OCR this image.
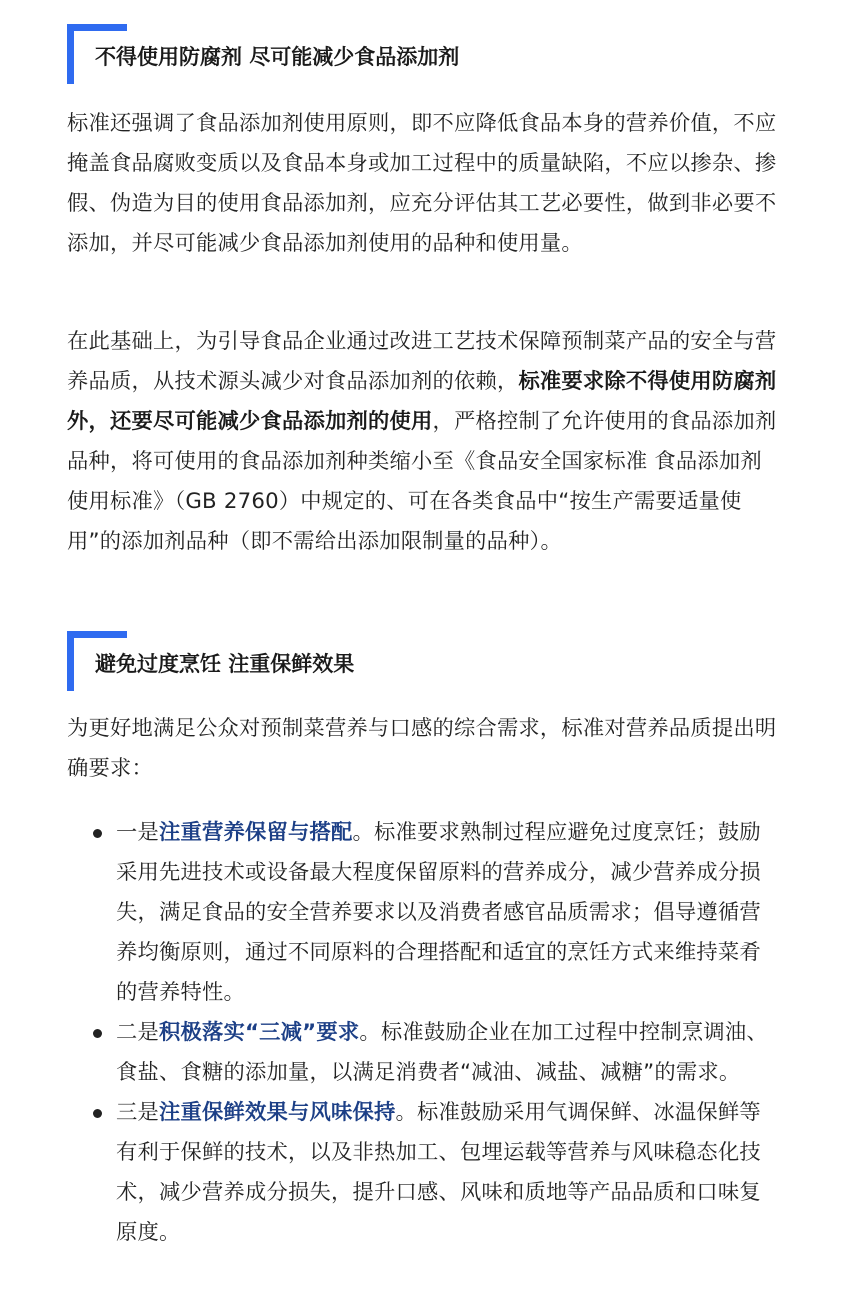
不得使用防腐剂 尽可能减少食品添加剂

标准还强调了食品添加剂使用原则，即不应降低食品本身的营养价值，不应掩盖食品腐败变质以及食品本身或加工过程中的质量缺陷，不应以掺杂、掺假、伪造为目的使用食品添加剂，应充分评估其工艺必要性，做到非必要不添加，并尽可能减少食品添加剂使用的品种和使用量。

在此基础上，为引导食品企业通过改进工艺技术保障预制菜产品的安全与营养品质，从技术源头减少对食品添加剂的依赖，标准要求除不得使用防腐剂外，还要尽可能减少食品添加剂的使用，严格控制了允许使用的食品添加剂品种，将可使用的食品添加剂种类缩小至《食品安全国家标准 食品添加剂使用标准》（GB 2760）中规定的、可在各类食品中“按生产需要适量使用”的添加剂品种（即不需给出添加限制量的品种）。

避免过度烹饪 注重保鲜效果

为更好地满足公众对预制菜营养与口感的综合需求，标准对营养品质提出明确要求：

一是注重营养保留与搭配。标准要求熟制过程应避免过度烹饪；鼓励采用先进技术或设备最大程度保留原料的营养成分，减少营养成分损失，满足食品的安全营养要求以及消费者感官品质需求；倡导遵循营养均衡原则，通过不同原料的合理搭配和适宜的烹饪方式来维持菜肴的营养特性。
二是积极落实“三减”要求。标准鼓励企业在加工过程中控制烹调油、食盐、食糖的添加量，以满足消费者“减油、减盐、减糖”的需求。
三是注重保鲜效果与风味保持。标准鼓励采用气调保鲜、冰温保鲜等有利于保鲜的技术，以及非热加工、包埋运载等营养与风味稳态化技术，减少营养成分损失，提升口感、风味和质地等产品品质和口味复原度。
